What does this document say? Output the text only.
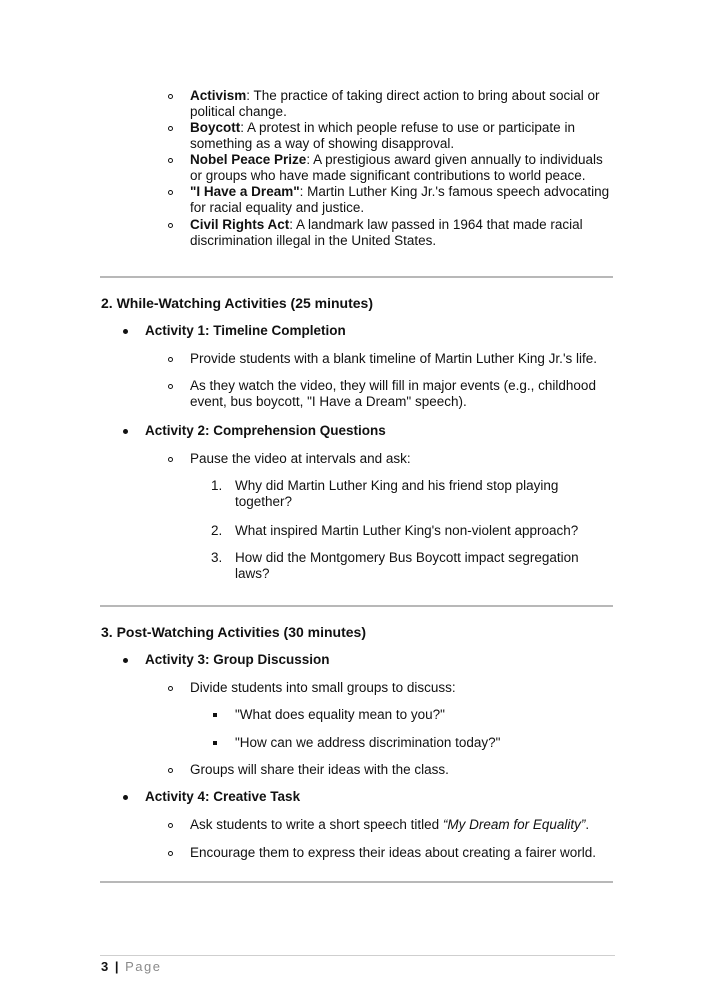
Activism: The practice of taking direct action to bring about social or
political change.
Boycott: A protest in which people refuse to use or participate in
something as a way of showing disapproval.
Nobel Peace Prize: A prestigious award given annually to individuals
or groups who have made significant contributions to world peace.
"I Have a Dream": Martin Luther King Jr.'s famous speech advocating
for racial equality and justice.
Civil Rights Act: A landmark law passed in 1964 that made racial
discrimination illegal in the United States.
2. While-Watching Activities (25 minutes)
Activity 1: Timeline Completion
Provide students with a blank timeline of Martin Luther King Jr.'s life.
As they watch the video, they will fill in major events (e.g., childhood
event, bus boycott, "I Have a Dream" speech).
Activity 2: Comprehension Questions
Pause the video at intervals and ask:
1. Why did Martin Luther King and his friend stop playing
together?
2. What inspired Martin Luther King's non-violent approach?
3. How did the Montgomery Bus Boycott impact segregation
laws?
3. Post-Watching Activities (30 minutes)
Activity 3: Group Discussion
Divide students into small groups to discuss:
"What does equality mean to you?"
"How can we address discrimination today?"
Groups will share their ideas with the class.
Activity 4: Creative Task
Ask students to write a short speech titled “My Dream for Equality”.
Encourage them to express their ideas about creating a fairer world.
3 | Page
